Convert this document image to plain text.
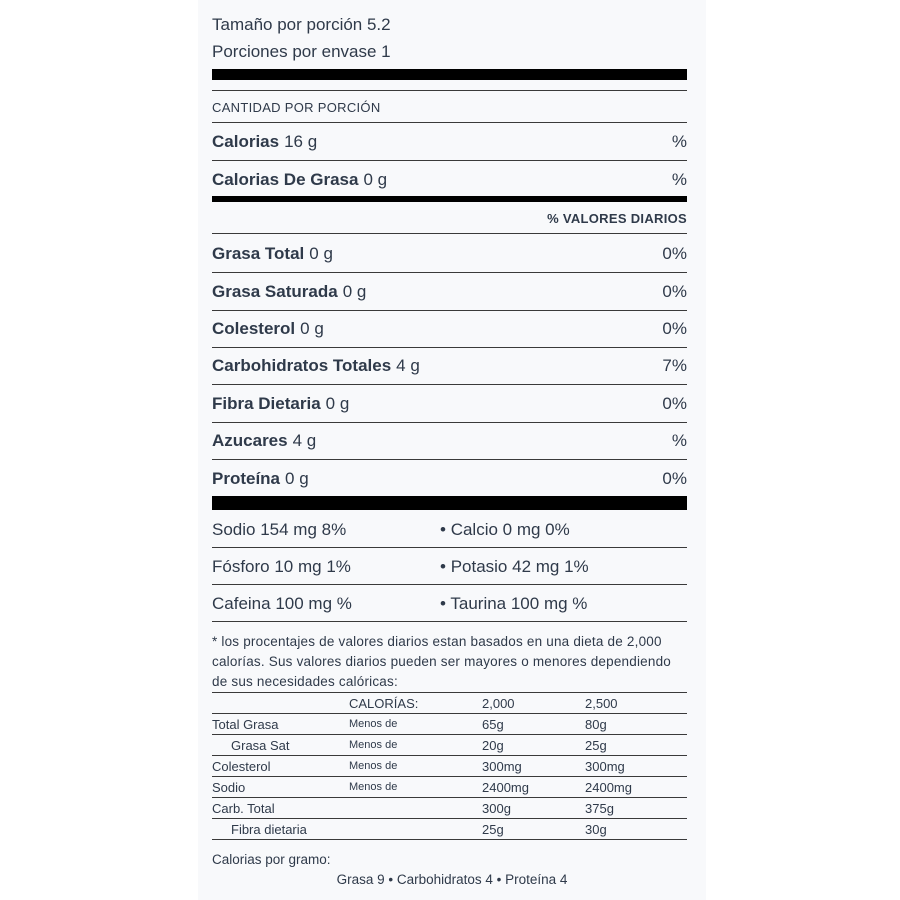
Tamaño por porción 5.2
Porciones por envase 1
CANTIDAD POR PORCIÓN
Calorias 16 g	%
Calorias De Grasa 0 g	%
% VALORES DIARIOS
Grasa Total 0 g	0%
Grasa Saturada 0 g	0%
Colesterol 0 g	0%
Carbohidratos Totales 4 g	7%
Fibra Dietaria 0 g	0%
Azucares 4 g	%
Proteína 0 g	0%
Sodio 154 mg 8%	• Calcio 0 mg 0%
Fósforo 10 mg 1%	• Potasio 42 mg 1%
Cafeina 100 mg %	• Taurina 100 mg %
* los procentajes de valores diarios estan basados en una dieta de 2,000 calorías. Sus valores diarios pueden ser mayores o menores dependiendo de sus necesidades calóricas:
	CALORÍAS:	2,000	2,500
Total Grasa	Menos de	65g	80g
Grasa Sat	Menos de	20g	25g
Colesterol	Menos de	300mg	300mg
Sodio	Menos de	2400mg	2400mg
Carb. Total		300g	375g
Fibra dietaria		25g	30g
Calorias por gramo:
Grasa 9 • Carbohidratos 4 • Proteína 4
